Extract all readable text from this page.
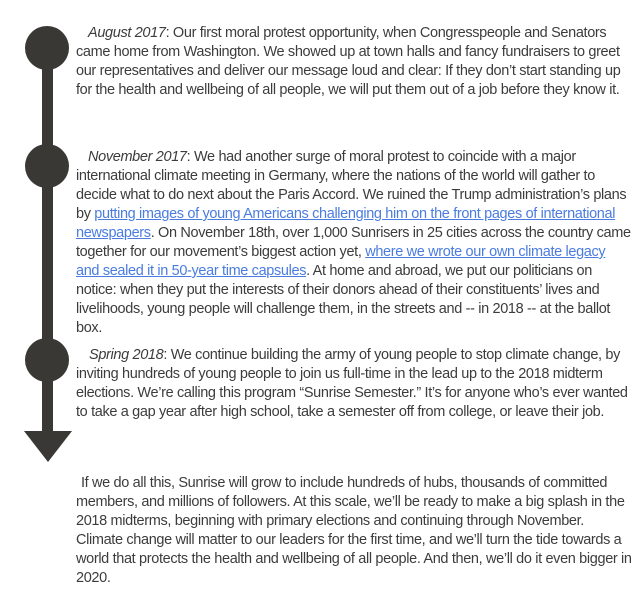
August 2017: Our first moral protest opportunity, when Congresspeople and Senators came home from Washington. We showed up at town halls and fancy fundraisers to greet our representatives and deliver our message loud and clear: If they don’t start standing up for the health and wellbeing of all people, we will put them out of a job before they know it.
November 2017: We had another surge of moral protest to coincide with a major international climate meeting in Germany, where the nations of the world will gather to decide what to do next about the Paris Accord. We ruined the Trump administration’s plans by putting images of young Americans challenging him on the front pages of international newspapers. On November 18th, over 1,000 Sunrisers in 25 cities across the country came together for our movement’s biggest action yet, where we wrote our own climate legacy and sealed it in 50-year time capsules. At home and abroad, we put our politicians on notice: when they put the interests of their donors ahead of their constituents’ lives and livelihoods, young people will challenge them, in the streets and -- in 2018 -- at the ballot box.
Spring 2018: We continue building the army of young people to stop climate change, by inviting hundreds of young people to join us full-time in the lead up to the 2018 midterm elections. We’re calling this program “Sunrise Semester.” It’s for anyone who’s ever wanted to take a gap year after high school, take a semester off from college, or leave their job.
If we do all this, Sunrise will grow to include hundreds of hubs, thousands of committed members, and millions of followers. At this scale, we’ll be ready to make a big splash in the 2018 midterms, beginning with primary elections and continuing through November. Climate change will matter to our leaders for the first time, and we’ll turn the tide towards a world that protects the health and wellbeing of all people. And then, we’ll do it even bigger in 2020.
